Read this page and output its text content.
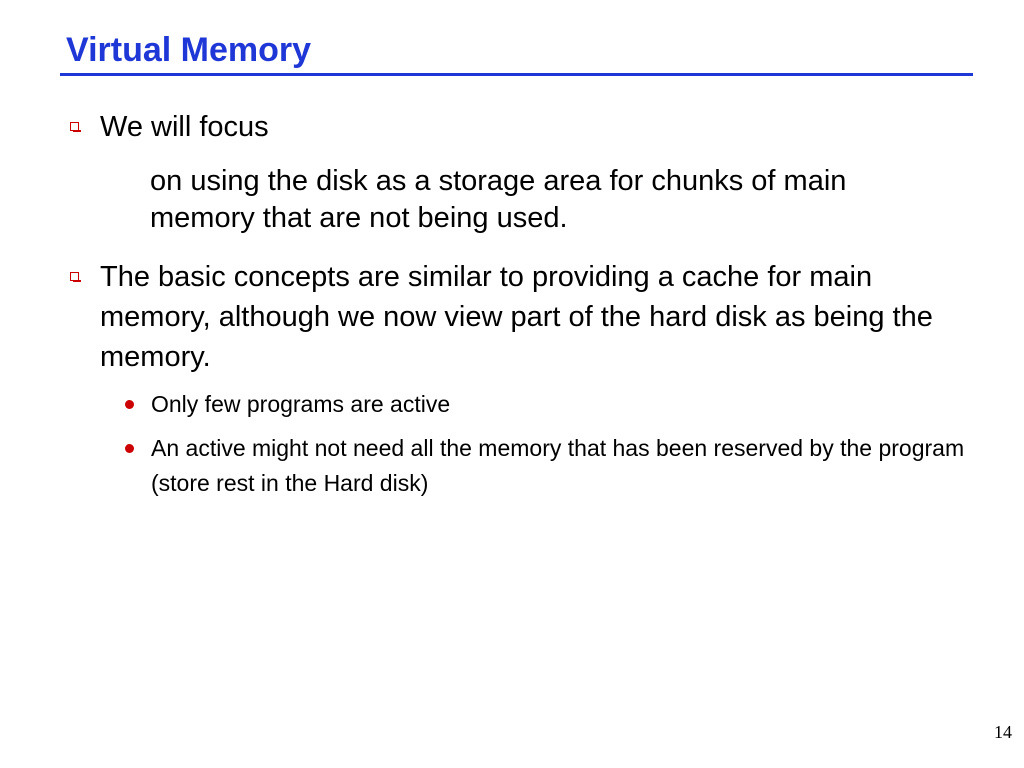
Virtual Memory
We will focus
on using the disk as a storage area for chunks of main memory that are not being used.
The basic concepts are similar to providing a cache for main memory, although we now view part of the hard disk as being the memory.
Only few programs are active
An active might not need all the memory that has been reserved by the program (store rest in the Hard disk)
14
